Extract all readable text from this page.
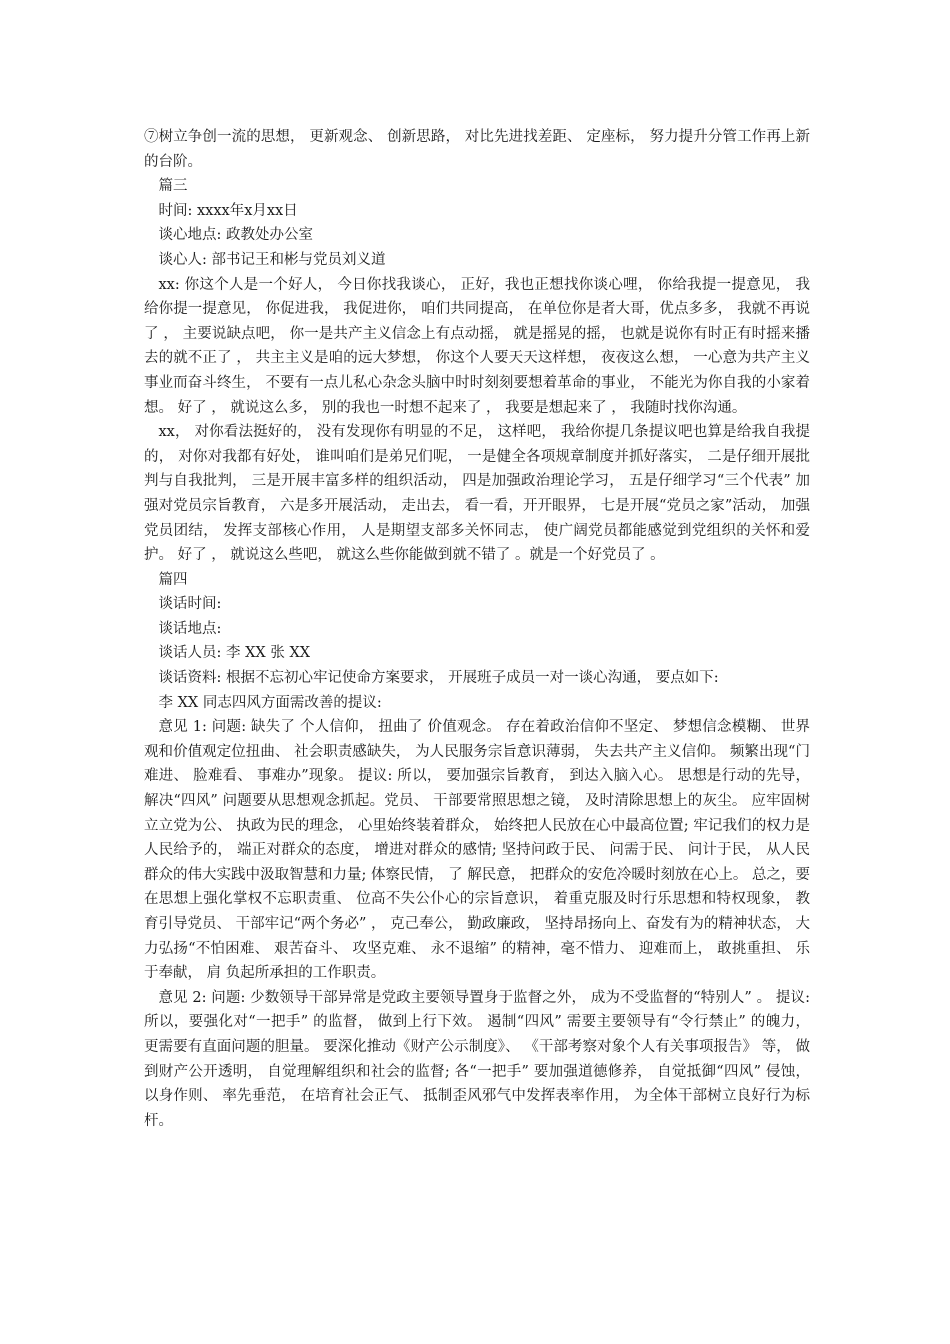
⑦树立争创一流的思想， 更新观念、 创新思路， 对比先进找差距、 定座标， 努力提升分管工作再上新的台阶。

篇三

时间: xxxx年x月xx日

谈心地点: 政教处办公室

谈心人: 部书记王和彬与党员刘义道

xx: 你这个人是一个好人， 今日你找我谈心， 正好，我也正想找你谈心哩， 你给我提一提意见， 我给你提一提意见， 你促进我， 我促进你， 咱们共同提高， 在单位你是者大哥，优点多多， 我就不再说了 ， 主要说缺点吧， 你一是共产主义信念上有点动摇， 就是摇晃的摇， 也就是说你有时正有时摇来播去的就不正了 ， 共主主义是咱的远大梦想， 你这个人要天天这样想， 夜夜这么想， 一心意为共产主义事业而奋斗终生， 不要有一点儿私心杂念头脑中时时刻刻要想着革命的事业， 不能光为你自我的小家着想。 好了 ， 就说这么多， 别的我也一时想不起来了 ， 我要是想起来了 ， 我随时找你沟通。

xx， 对你看法挺好的， 没有发现你有明显的不足， 这样吧， 我给你提几条提议吧也算是给我自我提的， 对你对我都有好处， 谁叫咱们是弟兄们呢， 一是健全各项规章制度并抓好落实， 二是仔细开展批判与自我批判， 三是开展丰富多样的组织活动， 四是加强政治理论学习， 五是仔细学习“三个代表” 加强对党员宗旨教育， 六是多开展活动， 走出去， 看一看，开开眼界， 七是开展“党员之家”活动， 加强党员团结， 发挥支部核心作用， 人是期望支部多关怀同志， 使广阔党员都能感觉到党组织的关怀和爱护。 好了 ， 就说这么些吧， 就这么些你能做到就不错了 。就是一个好党员了 。

篇四

谈话时间:

谈话地点:

谈话人员: 李 XX 张 XX

谈话资料: 根据不忘初心牢记使命方案要求， 开展班子成员一对一谈心沟通， 要点如下:

李 XX 同志四风方面需改善的提议:

意见 1: 问题: 缺失了 个人信仰， 扭曲了 价值观念。 存在着政治信仰不坚定、 梦想信念模糊、 世界观和价值观定位扭曲、 社会职责感缺失， 为人民服务宗旨意识薄弱， 失去共产主义信仰。 频繁出现“门难进、 脸难看、 事难办”现象。 提议: 所以， 要加强宗旨教育， 到达入脑入心。 思想是行动的先导， 解决“四风” 问题要从思想观念抓起。党员、 干部要常照思想之镜， 及时清除思想上的灰尘。 应牢固树立立党为公、 执政为民的理念， 心里始终装着群众， 始终把人民放在心中最高位置; 牢记我们的权力是人民给予的， 端正对群众的态度， 增进对群众的感情; 坚持问政于民、 问需于民、 问计于民， 从人民群众的伟大实践中汲取智慧和力量; 体察民情， 了 解民意， 把群众的安危冷暖时刻放在心上。 总之，要在思想上强化掌权不忘职责重、 位高不失公仆心的宗旨意识， 着重克服及时行乐思想和特权现象， 教育引导党员、 干部牢记“两个务必” ， 克己奉公， 勤政廉政， 坚持昂扬向上、奋发有为的精神状态， 大力弘扬“不怕困难、 艰苦奋斗、 攻坚克难、 永不退缩” 的精神，毫不惜力、 迎难而上， 敢挑重担、 乐于奉献， 肩 负起所承担的工作职责。

意见 2: 问题: 少数领导干部异常是党政主要领导置身于监督之外， 成为不受监督的“特别人” 。 提议: 所以，要强化对“一把手” 的监督， 做到上行下效。 遏制“四风” 需要主要领导有“令行禁止” 的魄力， 更需要有直面问题的胆量。 要深化推动《财产公示制度》、 《干部考察对象个人有关事项报告》 等， 做到财产公开透明， 自觉理解组织和社会的监督; 各“一把手” 要加强道德修养， 自觉抵御“四风” 侵蚀， 以身作则、 率先垂范， 在培育社会正气、 抵制歪风邪气中发挥表率作用， 为全体干部树立良好行为标杆。
